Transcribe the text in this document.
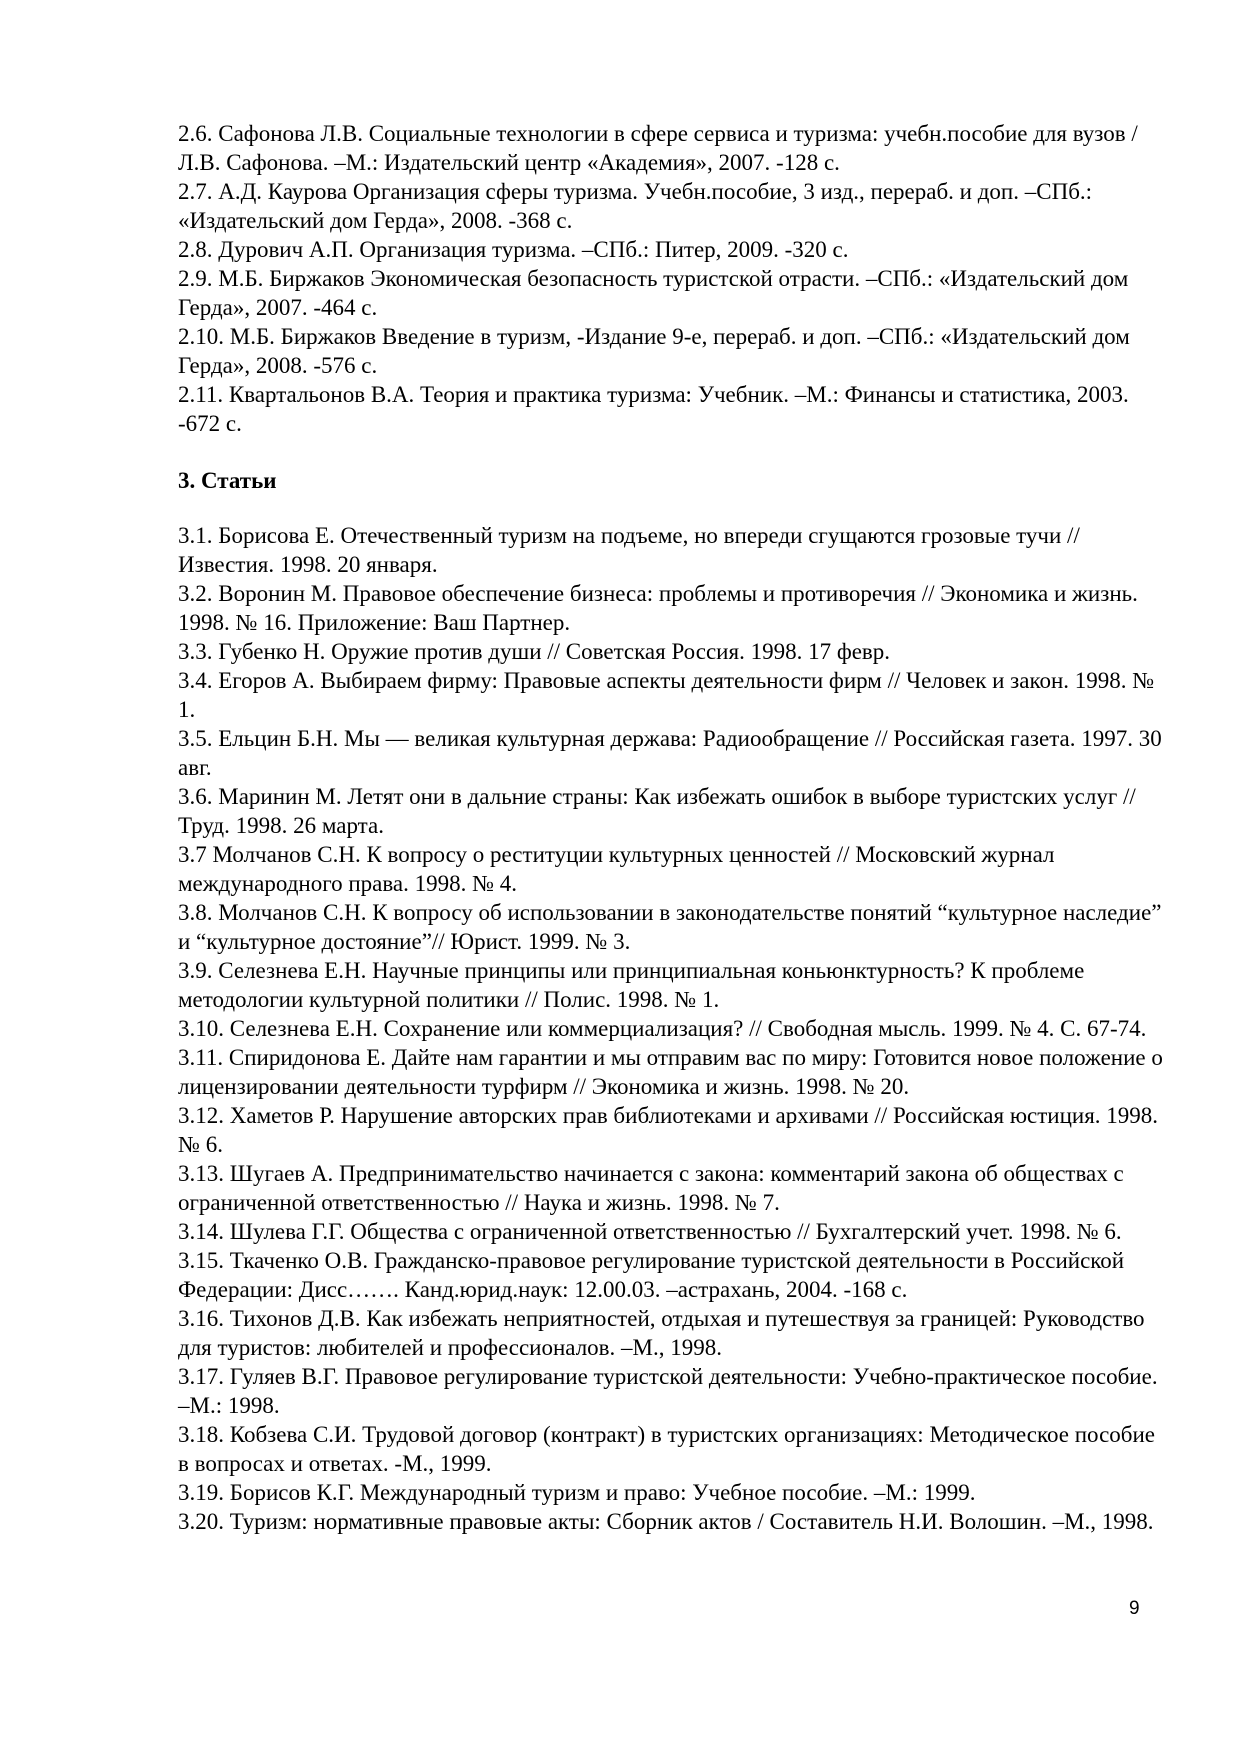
2.6. Сафонова Л.В. Социальные технологии в сфере сервиса и туризма: учебн.пособие для вузов / Л.В. Сафонова. –М.: Издательский центр «Академия», 2007. -128 с.

2.7. А.Д. Каурова Организация сферы туризма. Учебн.пособие, 3 изд., перераб. и доп. –СПб.: «Издательский дом Герда», 2008. -368 с.

2.8. Дурович А.П. Организация туризма. –СПб.: Питер, 2009. -320 с.

2.9. М.Б. Биржаков Экономическая безопасность туристской отрасти. –СПб.: «Издательский дом Герда», 2007. -464 с.

2.10. М.Б. Биржаков Введение в туризм, -Издание 9-е, перераб. и доп. –СПб.: «Издательский дом Герда», 2008. -576 с.

2.11. Квартальонов В.А. Теория и практика туризма: Учебник. –М.: Финансы и статистика, 2003. -672 с.

3. Статьи

3.1. Борисова Е. Отечественный туризм на подъеме, но впереди сгущаются грозовые тучи // Известия. 1998. 20 января.

3.2. Воронин М. Правовое обеспечение бизнеса: проблемы и противоречия // Экономика и жизнь. 1998. № 16. Приложение: Ваш Партнер.

3.3. Губенко Н. Оружие против души // Советская Россия. 1998. 17 февр.

3.4. Егоров А. Выбираем фирму: Правовые аспекты деятельности фирм // Человек и закон. 1998. № 1.

3.5. Ельцин Б.Н. Мы — великая культурная держава: Радиообращение // Российская газета. 1997. 30 авг.

3.6. Маринин М. Летят они в дальние страны: Как избежать ошибок в выборе туристских услуг // Труд. 1998. 26 марта.

3.7 Молчанов С.Н. К вопросу о реституции культурных ценностей // Московский журнал международного права. 1998. № 4.

3.8. Молчанов С.Н. К вопросу об использовании в законодательстве понятий “культурное наследие” и “культурное достояние”// Юрист. 1999. № 3.

3.9. Селезнева Е.Н. Научные принципы или принципиальная коньюнктурность? К проблеме методологии культурной политики // Полис. 1998. № 1.

3.10. Селезнева Е.Н. Сохранение или коммерциализация? // Свободная мысль. 1999. № 4. С. 67-74.

3.11. Спиридонова Е. Дайте нам гарантии и мы отправим вас по миру: Готовится новое положение о лицензировании деятельности турфирм // Экономика и жизнь. 1998. № 20.

3.12. Хаметов Р. Нарушение авторских прав библиотеками и архивами // Российская юстиция. 1998. № 6.

3.13. Шугаев А. Предпринимательство начинается с закона: комментарий закона об обществах с ограниченной ответственностью // Наука и жизнь. 1998. № 7.

3.14. Шулева Г.Г. Общества с ограниченной ответственностью // Бухгалтерский учет. 1998. № 6.

3.15. Ткаченко О.В. Гражданско-правовое регулирование туристской деятельности в Российской Федерации: Дисс……. Канд.юрид.наук: 12.00.03. –астрахань, 2004. -168 с.

3.16. Тихонов Д.В. Как избежать неприятностей, отдыхая и путешествуя за границей: Руководство для туристов: любителей и профессионалов. –М., 1998.

3.17. Гуляев В.Г. Правовое регулирование туристской деятельности: Учебно-практическое пособие. –М.: 1998.

3.18. Кобзева С.И. Трудовой договор (контракт) в туристских организациях: Методическое пособие в вопросах и ответах. -М., 1999.

3.19. Борисов К.Г. Международный туризм и право: Учебное пособие. –М.: 1999.

3.20. Туризм: нормативные правовые акты: Сборник актов / Составитель Н.И. Волошин. –М., 1998.

9
